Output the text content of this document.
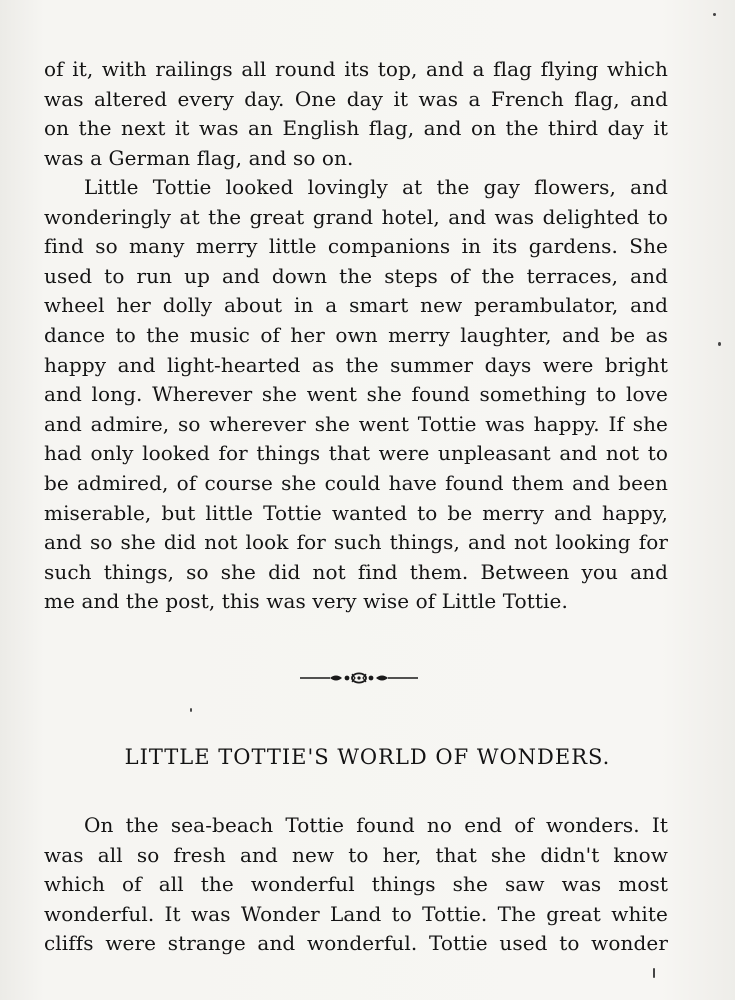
of it, with railings all round its top, and a flag flying which
was altered every day. One day it was a French flag, and
on the next it was an English flag, and on the third day it
was a German flag, and so on.
Little Tottie looked lovingly at the gay flowers, and
wonderingly at the great grand hotel, and was delighted to
find so many merry little companions in its gardens. She
used to run up and down the steps of the terraces, and
wheel her dolly about in a smart new perambulator, and
dance to the music of her own merry laughter, and be as
happy and light-hearted as the summer days were bright
and long. Wherever she went she found something to love
and admire, so wherever she went Tottie was happy. If she
had only looked for things that were unpleasant and not to
be admired, of course she could have found them and been
miserable, but little Tottie wanted to be merry and happy,
and so she did not look for such things, and not looking for
such things, so she did not find them. Between you and
me and the post, this was very wise of Little Tottie.
LITTLE TOTTIE'S WORLD OF WONDERS.
On the sea-beach Tottie found no end of wonders. It
was all so fresh and new to her, that she didn't know
which of all the wonderful things she saw was most
wonderful. It was Wonder Land to Tottie. The great white
cliffs were strange and wonderful. Tottie used to wonder
